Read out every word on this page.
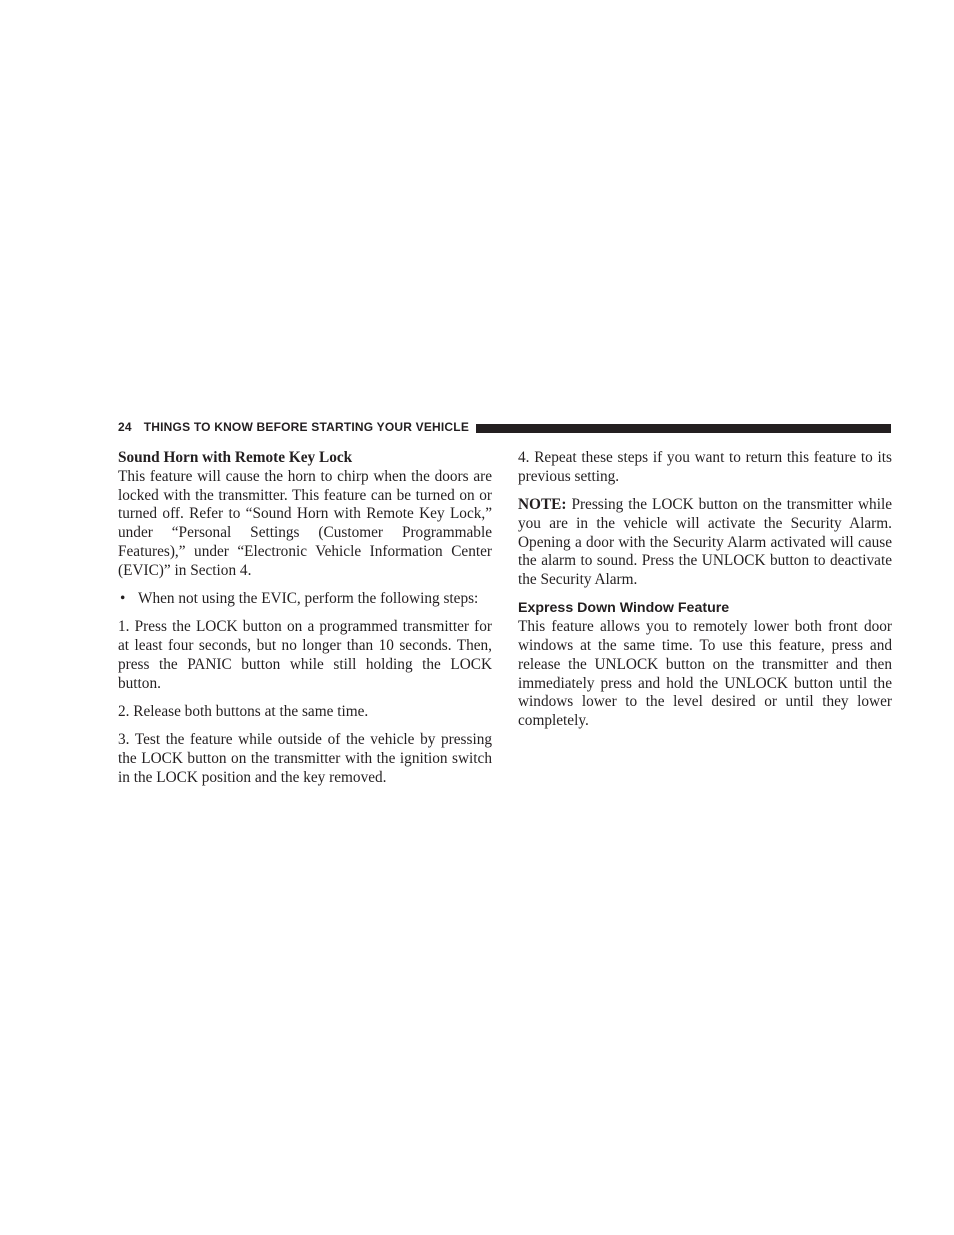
24 THINGS TO KNOW BEFORE STARTING YOUR VEHICLE
Sound Horn with Remote Key Lock

This feature will cause the horn to chirp when the doors are locked with the transmitter. This feature can be turned on or turned off. Refer to “Sound Horn with Remote Key Lock,” under “Personal Settings (Customer Programmable Features),” under “Electronic Vehicle Information Center (EVIC)” in Section 4.

• When not using the EVIC, perform the following steps:

1. Press the LOCK button on a programmed transmitter for at least four seconds, but no longer than 10 seconds. Then, press the PANIC button while still holding the LOCK button.

2. Release both buttons at the same time.

3. Test the feature while outside of the vehicle by pressing the LOCK button on the transmitter with the ignition switch in the LOCK position and the key removed.

4. Repeat these steps if you want to return this feature to its previous setting.

NOTE: Pressing the LOCK button on the transmitter while you are in the vehicle will activate the Security Alarm. Opening a door with the Security Alarm activated will cause the alarm to sound. Press the UNLOCK button to deactivate the Security Alarm.

Express Down Window Feature

This feature allows you to remotely lower both front door windows at the same time. To use this feature, press and release the UNLOCK button on the transmitter and then immediately press and hold the UNLOCK button until the windows lower to the level desired or until they lower completely.
